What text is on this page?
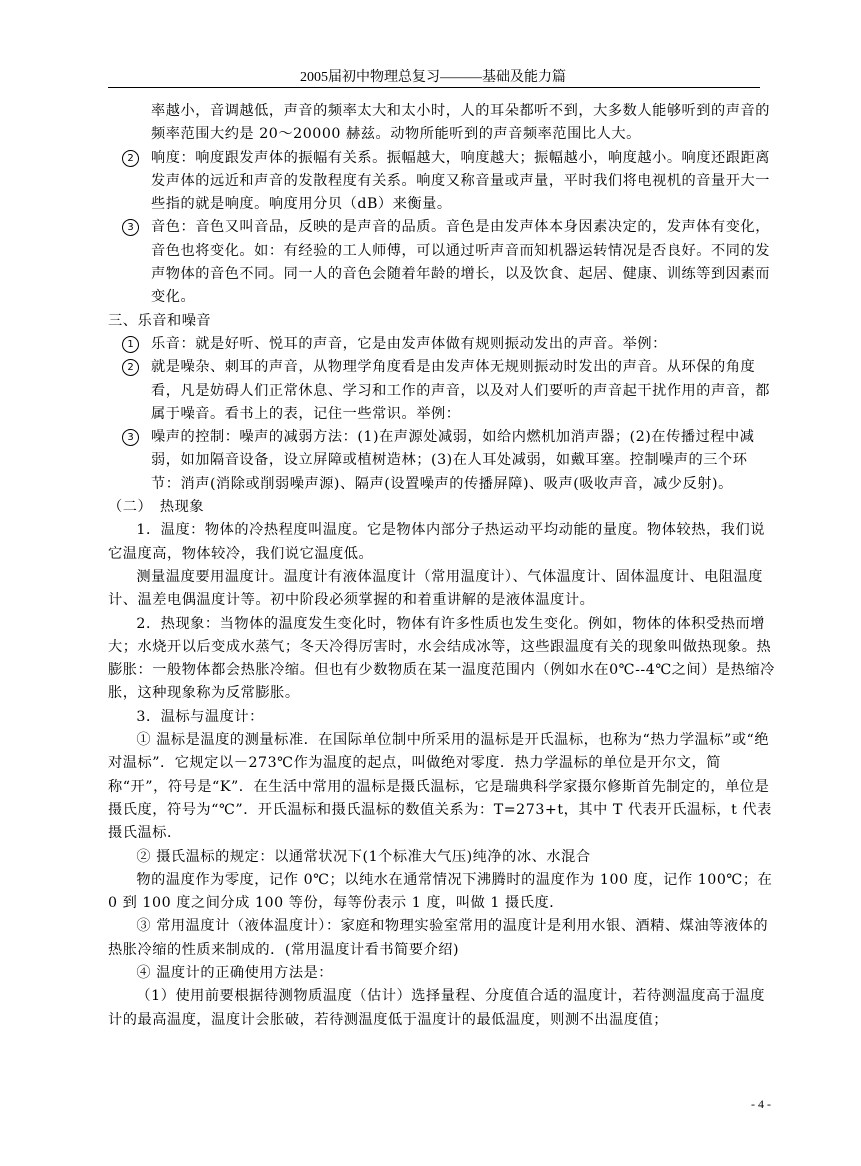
2005届初中物理总复习———基础及能力篇

率越小，音调越低，声音的频率太大和太小时，人的耳朵都听不到，大多数人能够听到的声音的频率范围大约是 20～20000 赫兹。动物所能听到的声音频率范围比人大。

2	响度：响度跟发声体的振幅有关系。振幅越大，响度越大；振幅越小，响度越小。响度还跟距离发声体的远近和声音的发散程度有关系。响度又称音量或声量，平时我们将电视机的音量开大一些指的就是响度。响度用分贝（dB）来衡量。

3	音色：音色又叫音品，反映的是声音的品质。音色是由发声体本身因素决定的，发声体有变化，音色也将变化。如：有经验的工人师傅，可以通过听声音而知机器运转情况是否良好。不同的发声物体的音色不同。同一人的音色会随着年龄的增长，以及饮食、起居、健康、训练等到因素而变化。

三、乐音和噪音

1	乐音：就是好听、悦耳的声音，它是由发声体做有规则振动发出的声音。举例：

2	就是噪杂、刺耳的声音，从物理学角度看是由发声体无规则振动时发出的声音。从环保的角度看，凡是妨碍人们正常休息、学习和工作的声音，以及对人们要听的声音起干扰作用的声音，都属于噪音。看书上的表，记住一些常识。举例：

3	噪声的控制：噪声的减弱方法：(1)在声源处减弱，如给内燃机加消声器；(2)在传播过程中减弱，如加隔音设备，设立屏障或植树造林；(3)在人耳处减弱，如戴耳塞。控制噪声的三个环节：消声(消除或削弱噪声源)、隔声(设置噪声的传播屏障)、吸声(吸收声音，减少反射)。

（二）　热现象

1．温度：物体的冷热程度叫温度。它是物体内部分子热运动平均动能的量度。物体较热，我们说它温度高，物体较冷，我们说它温度低。

测量温度要用温度计。温度计有液体温度计（常用温度计）、气体温度计、固体温度计、电阻温度计、温差电偶温度计等。初中阶段必须掌握的和着重讲解的是液体温度计。

2．热现象：当物体的温度发生变化时，物体有许多性质也发生变化。例如，物体的体积受热而增大；水烧开以后变成水蒸气；冬天冷得厉害时，水会结成冰等，这些跟温度有关的现象叫做热现象。热膨胀：一般物体都会热胀冷缩。但也有少数物质在某一温度范围内（例如水在0℃--4℃之间）是热缩冷胀，这种现象称为反常膨胀。

3．温标与温度计：

① 温标是温度的测量标准．在国际单位制中所采用的温标是开氏温标，也称为“热力学温标”或“绝对温标”．它规定以－273℃作为温度的起点，叫做绝对零度．热力学温标的单位是开尔文，简称“开”，符号是“K”．在生活中常用的温标是摄氏温标，它是瑞典科学家摄尔修斯首先制定的，单位是摄氏度，符号为“℃”．开氏温标和摄氏温标的数值关系为：T=273+t，其中 T 代表开氏温标，t 代表摄氏温标．

② 摄氏温标的规定：以通常状况下(1个标准大气压)纯净的冰、水混合

物的温度作为零度，记作 0℃；以纯水在通常情况下沸腾时的温度作为 100 度，记作 100℃；在 0 到 100 度之间分成 100 等份，每等份表示 1 度，叫做 1 摄氏度．

③ 常用温度计（液体温度计）：家庭和物理实验室常用的温度计是利用水银、酒精、煤油等液体的热胀冷缩的性质来制成的．(常用温度计看书简要介绍)

④ 温度计的正确使用方法是：

（1）使用前要根据待测物质温度（估计）选择量程、分度值合适的温度计，若待测温度高于温度计的最高温度，温度计会胀破，若待测温度低于温度计的最低温度，则测不出温度值；

- 4 -
